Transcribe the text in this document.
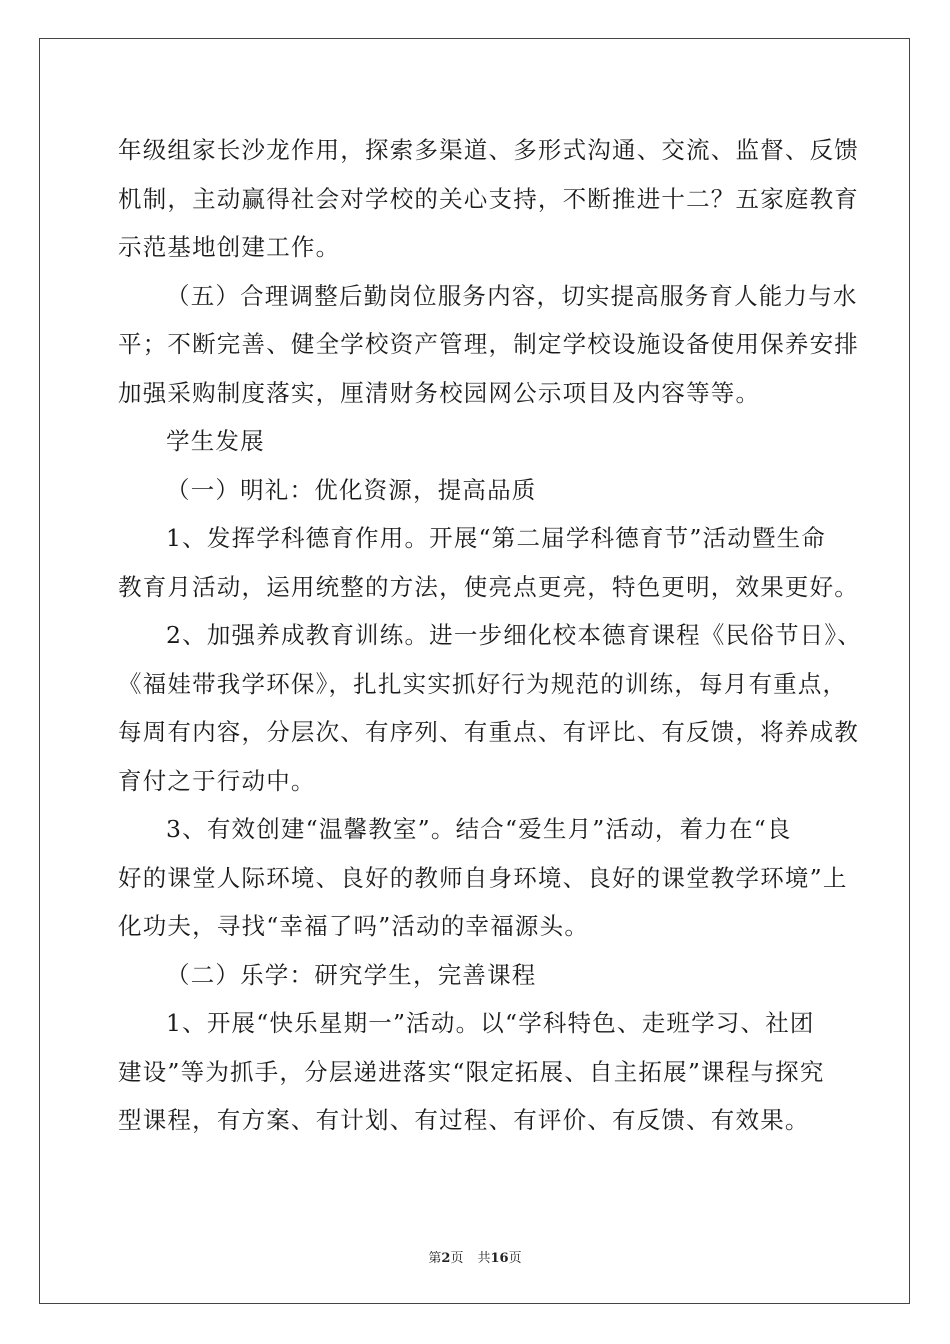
年级组家长沙龙作用，探索多渠道、多形式沟通、交流、监督、反馈
机制，主动赢得社会对学校的关心支持，不断推进十二？五家庭教育
示范基地创建工作。
（五）合理调整后勤岗位服务内容，切实提高服务育人能力与水
平；不断完善、健全学校资产管理，制定学校设施设备使用保养安排
加强采购制度落实，厘清财务校园网公示项目及内容等等。
学生发展
（一）明礼：优化资源，提高品质
1、发挥学科德育作用。开展“第二届学科德育节”活动暨生命
教育月活动，运用统整的方法，使亮点更亮，特色更明，效果更好。
2、加强养成教育训练。进一步细化校本德育课程《民俗节日》、
《福娃带我学环保》，扎扎实实抓好行为规范的训练，每月有重点，
每周有内容，分层次、有序列、有重点、有评比、有反馈，将养成教
育付之于行动中。
3、有效创建“温馨教室”。结合“爱生月”活动，着力在“良
好的课堂人际环境、良好的教师自身环境、良好的课堂教学环境”上
化功夫，寻找“幸福了吗”活动的幸福源头。
（二）乐学：研究学生，完善课程
1、开展“快乐星期一”活动。以“学科特色、走班学习、社团
建设”等为抓手，分层递进落实“限定拓展、自主拓展”课程与探究
型课程，有方案、有计划、有过程、有评价、有反馈、有效果。
第2页 共16页
